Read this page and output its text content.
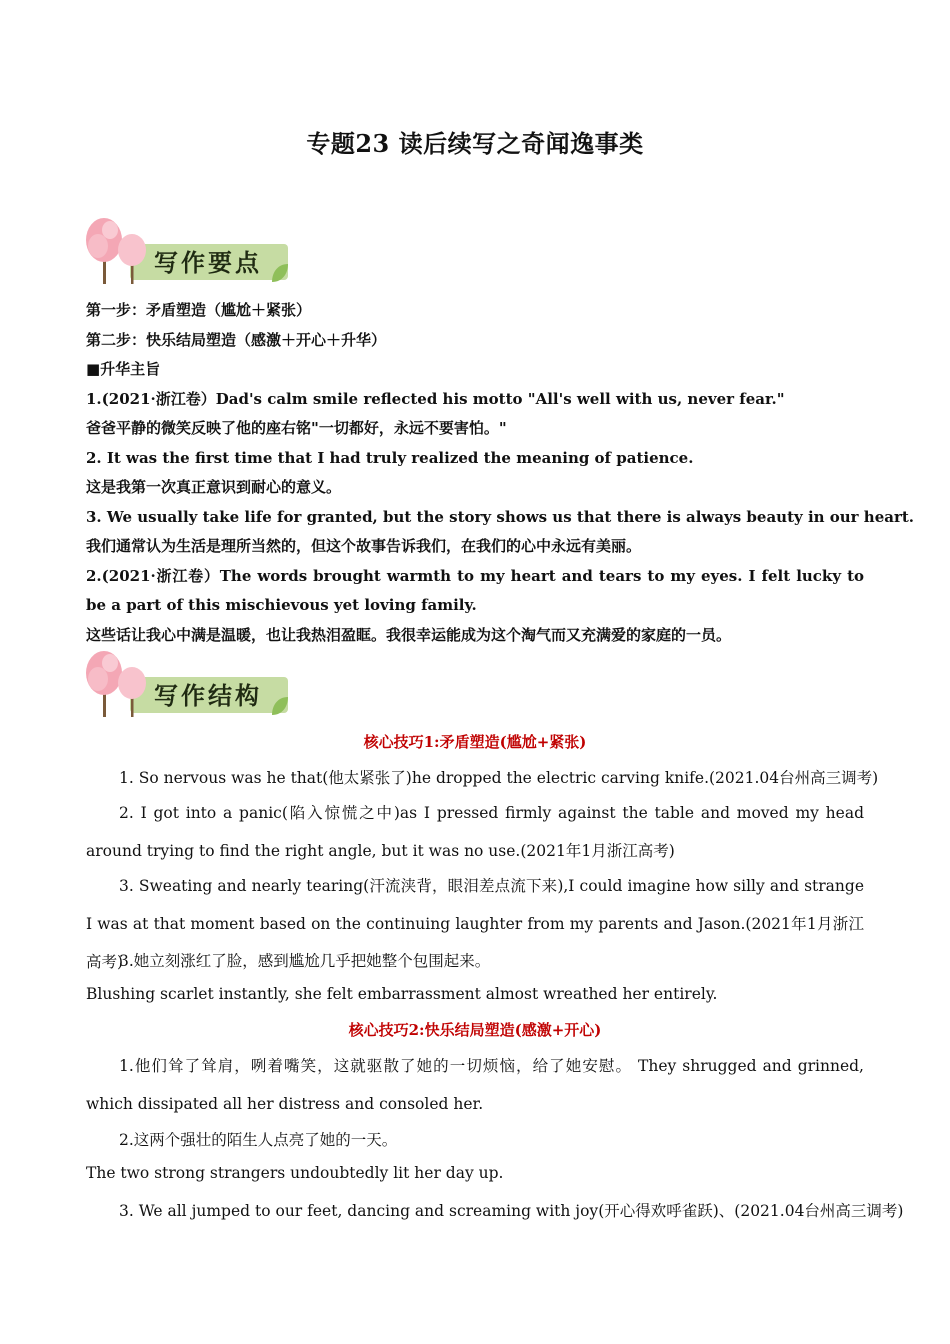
专题23 读后续写之奇闻逸事类
写作要点
第一步：矛盾塑造（尴尬＋紧张）
第二步：快乐结局塑造（感激＋开心＋升华）
■升华主旨
1.(2021·浙江卷）Dad's calm smile reflected his motto "All's well with us, never fear."
爸爸平静的微笑反映了他的座右铭"一切都好，永远不要害怕。"
2. It was the first time that I had truly realized the meaning of patience.
这是我第一次真正意识到耐心的意义。
3. We usually take life for granted, but the story shows us that there is always beauty in our heart.
我们通常认为生活是理所当然的，但这个故事告诉我们，在我们的心中永远有美丽。
2.(2021·浙江卷）The words brought warmth to my heart and tears to my eyes. I felt lucky to be a part of this mischievous yet loving family.
这些话让我心中满是温暖，也让我热泪盈眶。我很幸运能成为这个淘气而又充满爱的家庭的一员。
写作结构
核心技巧1:矛盾塑造(尴尬+紧张)
1. So nervous was he that(他太紧张了)he dropped the electric carving knife.(2021.04台州高三调考)
2. I got into a panic(陷入惊慌之中)as I pressed firmly against the table and moved my head around trying to find the right angle, but it was no use.(2021年1月浙江高考)
3. Sweating and nearly tearing(汗流浃背，眼泪差点流下来),I could imagine how silly and strange I was at that moment based on the continuing laughter from my parents and Jason.(2021年1月浙江高考)
3.她立刻涨红了脸，感到尴尬几乎把她整个包围起来。
Blushing scarlet instantly, she felt embarrassment almost wreathed her entirely.
核心技巧2:快乐结局塑造(感激+开心)
1.他们耸了耸肩，咧着嘴笑，这就驱散了她的一切烦恼，给了她安慰。 They shrugged and grinned, which dissipated all her distress and consoled her.
2.这两个强壮的陌生人点亮了她的一天。
The two strong strangers undoubtedly lit her day up.
3. We all jumped to our feet, dancing and screaming with joy(开心得欢呼雀跃)、(2021.04台州高三调考)
